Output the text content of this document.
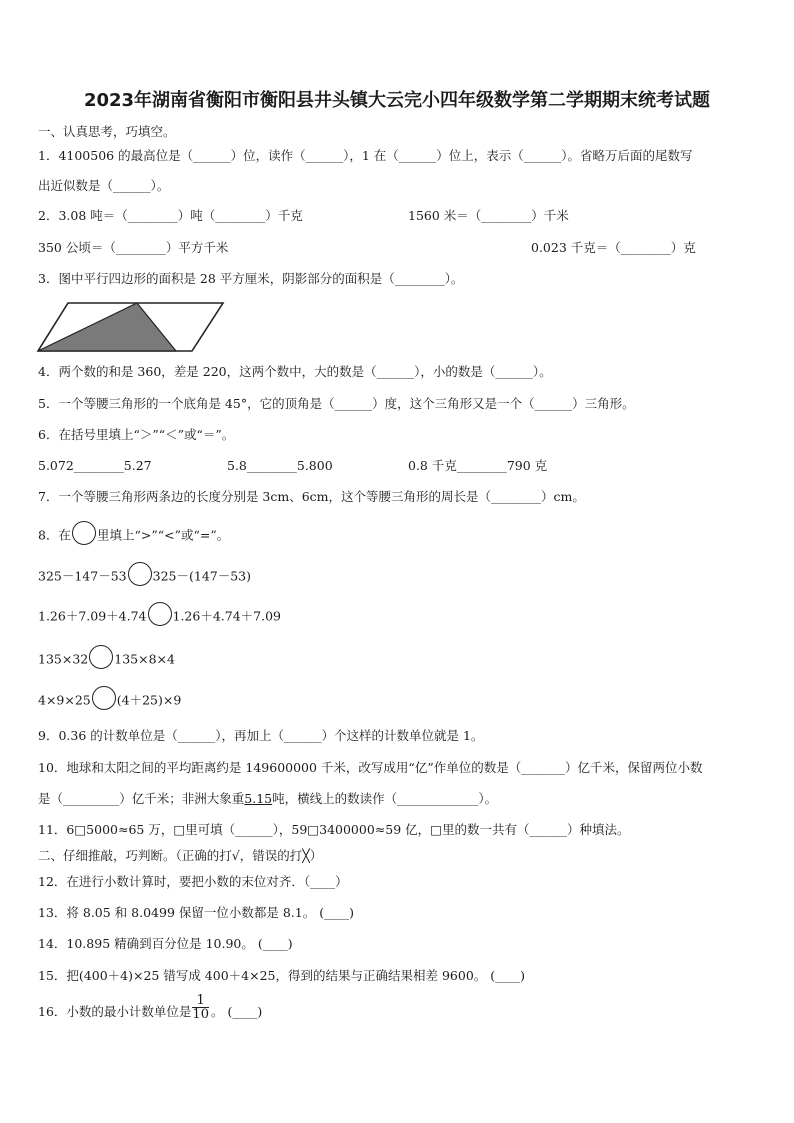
2023年湖南省衡阳市衡阳县井头镇大云完小四年级数学第二学期期末统考试题
一、认真思考，巧填空。
1．4100506 的最高位是（______）位，读作（______），1 在（______）位上，表示（______）。省略万后面的尾数写
出近似数是（______）。
2．3.08 吨＝（________）吨（________）千克	1560 米＝（________）千米
350 公顷＝（________）平方千米	0.023 千克＝（________）克
3．图中平行四边形的面积是 28 平方厘米，阴影部分的面积是（________）。
4．两个数的和是 360，差是 220，这两个数中，大的数是（______），小的数是（______）。
5．一个等腰三角形的一个底角是 45°，它的顶角是（______）度，这个三角形又是一个（______）三角形。
6．在括号里填上“＞”“＜”或“＝”。
5.072________5.27	5.8________5.800	0.8 千克________790 克
7．一个等腰三角形两条边的长度分别是 3cm、6cm，这个等腰三角形的周长是（________）cm。
8．在 里填上“>”“<”或“=”。
325－147－53 325－(147－53)
1.26＋7.09＋4.74 1.26＋4.74＋7.09
135×32 135×8×4
4×9×25 (4＋25)×9
9．0.36 的计数单位是（______），再加上（______）个这样的计数单位就是 1。
10．地球和太阳之间的平均距离约是 149600000 千米，改写成用“亿”作单位的数是（_______）亿千米，保留两位小数
是（_________）亿千米；非洲大象重5.15吨，横线上的数读作（_____________）。
11．6□5000≈65 万，□里可填（______），59□3400000≈59 亿，□里的数一共有（______）种填法。
二、仔细推敲，巧判断。（正确的打√，错误的打╳）
12．在进行小数计算时，要把小数的末位对齐．（____）
13．将 8.05 和 8.0499 保留一位小数都是 8.1。 (____)
14．10.895 精确到百分位是 10.90。 (____)
15．把(400＋4)×25 错写成 400＋4×25，得到的结果与正确结果相差 9600。 (____)
16．小数的最小计数单位是 $\frac{1}{10}$ 。 (____)
